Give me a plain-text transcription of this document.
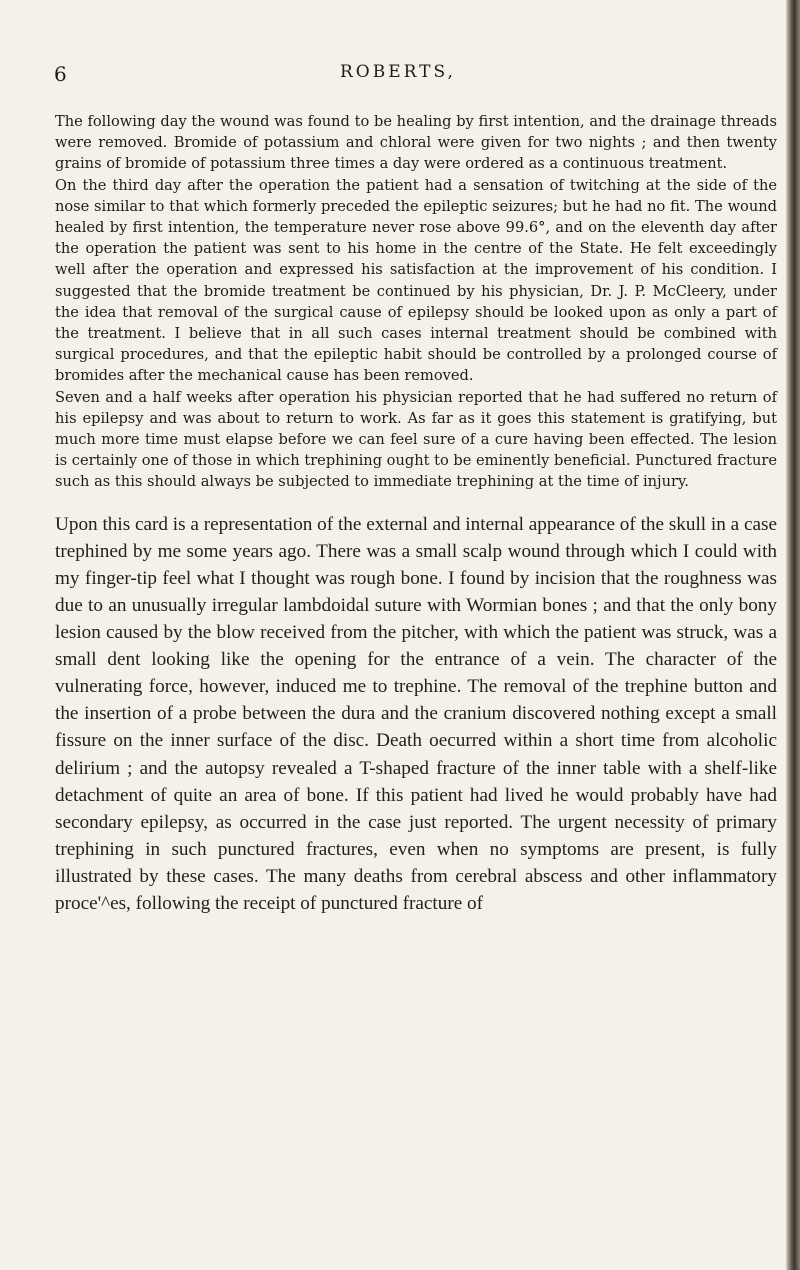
6	ROBERTS,

The following day the wound was found to be healing by first intention, and the drainage threads were removed. Bromide of potassium and chloral were given for two nights ; and then twenty grains of bromide of potassium three times a day were ordered as a continuous treatment.

On the third day after the operation the patient had a sensation of twitching at the side of the nose similar to that which formerly preceded the epileptic seizures; but he had no fit. The wound healed by first intention, the temperature never rose above 99.6°, and on the eleventh day after the operation the patient was sent to his home in the centre of the State. He felt exceedingly well after the operation and expressed his satisfaction at the improvement of his condition. I suggested that the bromide treatment be continued by his physician, Dr. J. P. McCleery, under the idea that removal of the surgical cause of epilepsy should be looked upon as only a part of the treatment. I believe that in all such cases internal treatment should be combined with surgical procedures, and that the epileptic habit should be controlled by a prolonged course of bromides after the mechanical cause has been removed.

Seven and a half weeks after operation his physician reported that he had suffered no return of his epilepsy and was about to return to work. As far as it goes this statement is gratifying, but much more time must elapse before we can feel sure of a cure having been effected. The lesion is certainly one of those in which trephining ought to be eminently beneficial. Punctured fracture such as this should always be subjected to immediate trephining at the time of injury.

Upon this card is a representation of the external and internal appearance of the skull in a case trephined by me some years ago. There was a small scalp wound through which I could with my finger-tip feel what I thought was rough bone. I found by incision that the roughness was due to an unusually irregular lambdoidal suture with Wormian bones ; and that the only bony lesion caused by the blow received from the pitcher, with which the patient was struck, was a small dent looking like the opening for the entrance of a vein. The character of the vulnerating force, however, induced me to trephine. The removal of the trephine button and the insertion of a probe between the dura and the cranium discovered nothing except a small fissure on the inner surface of the disc. Death oecurred within a short time from alcoholic delirium ; and the autopsy revealed a T-shaped fracture of the inner table with a shelf-like detachment of quite an area of bone. If this patient had lived he would probably have had secondary epilepsy, as occurred in the case just reported. The urgent necessity of primary trephining in such punctured fractures, even when no symptoms are present, is fully illustrated by these cases. The many deaths from cerebral abscess and other inflammatory proce'^es, following the receipt of punctured fracture of
